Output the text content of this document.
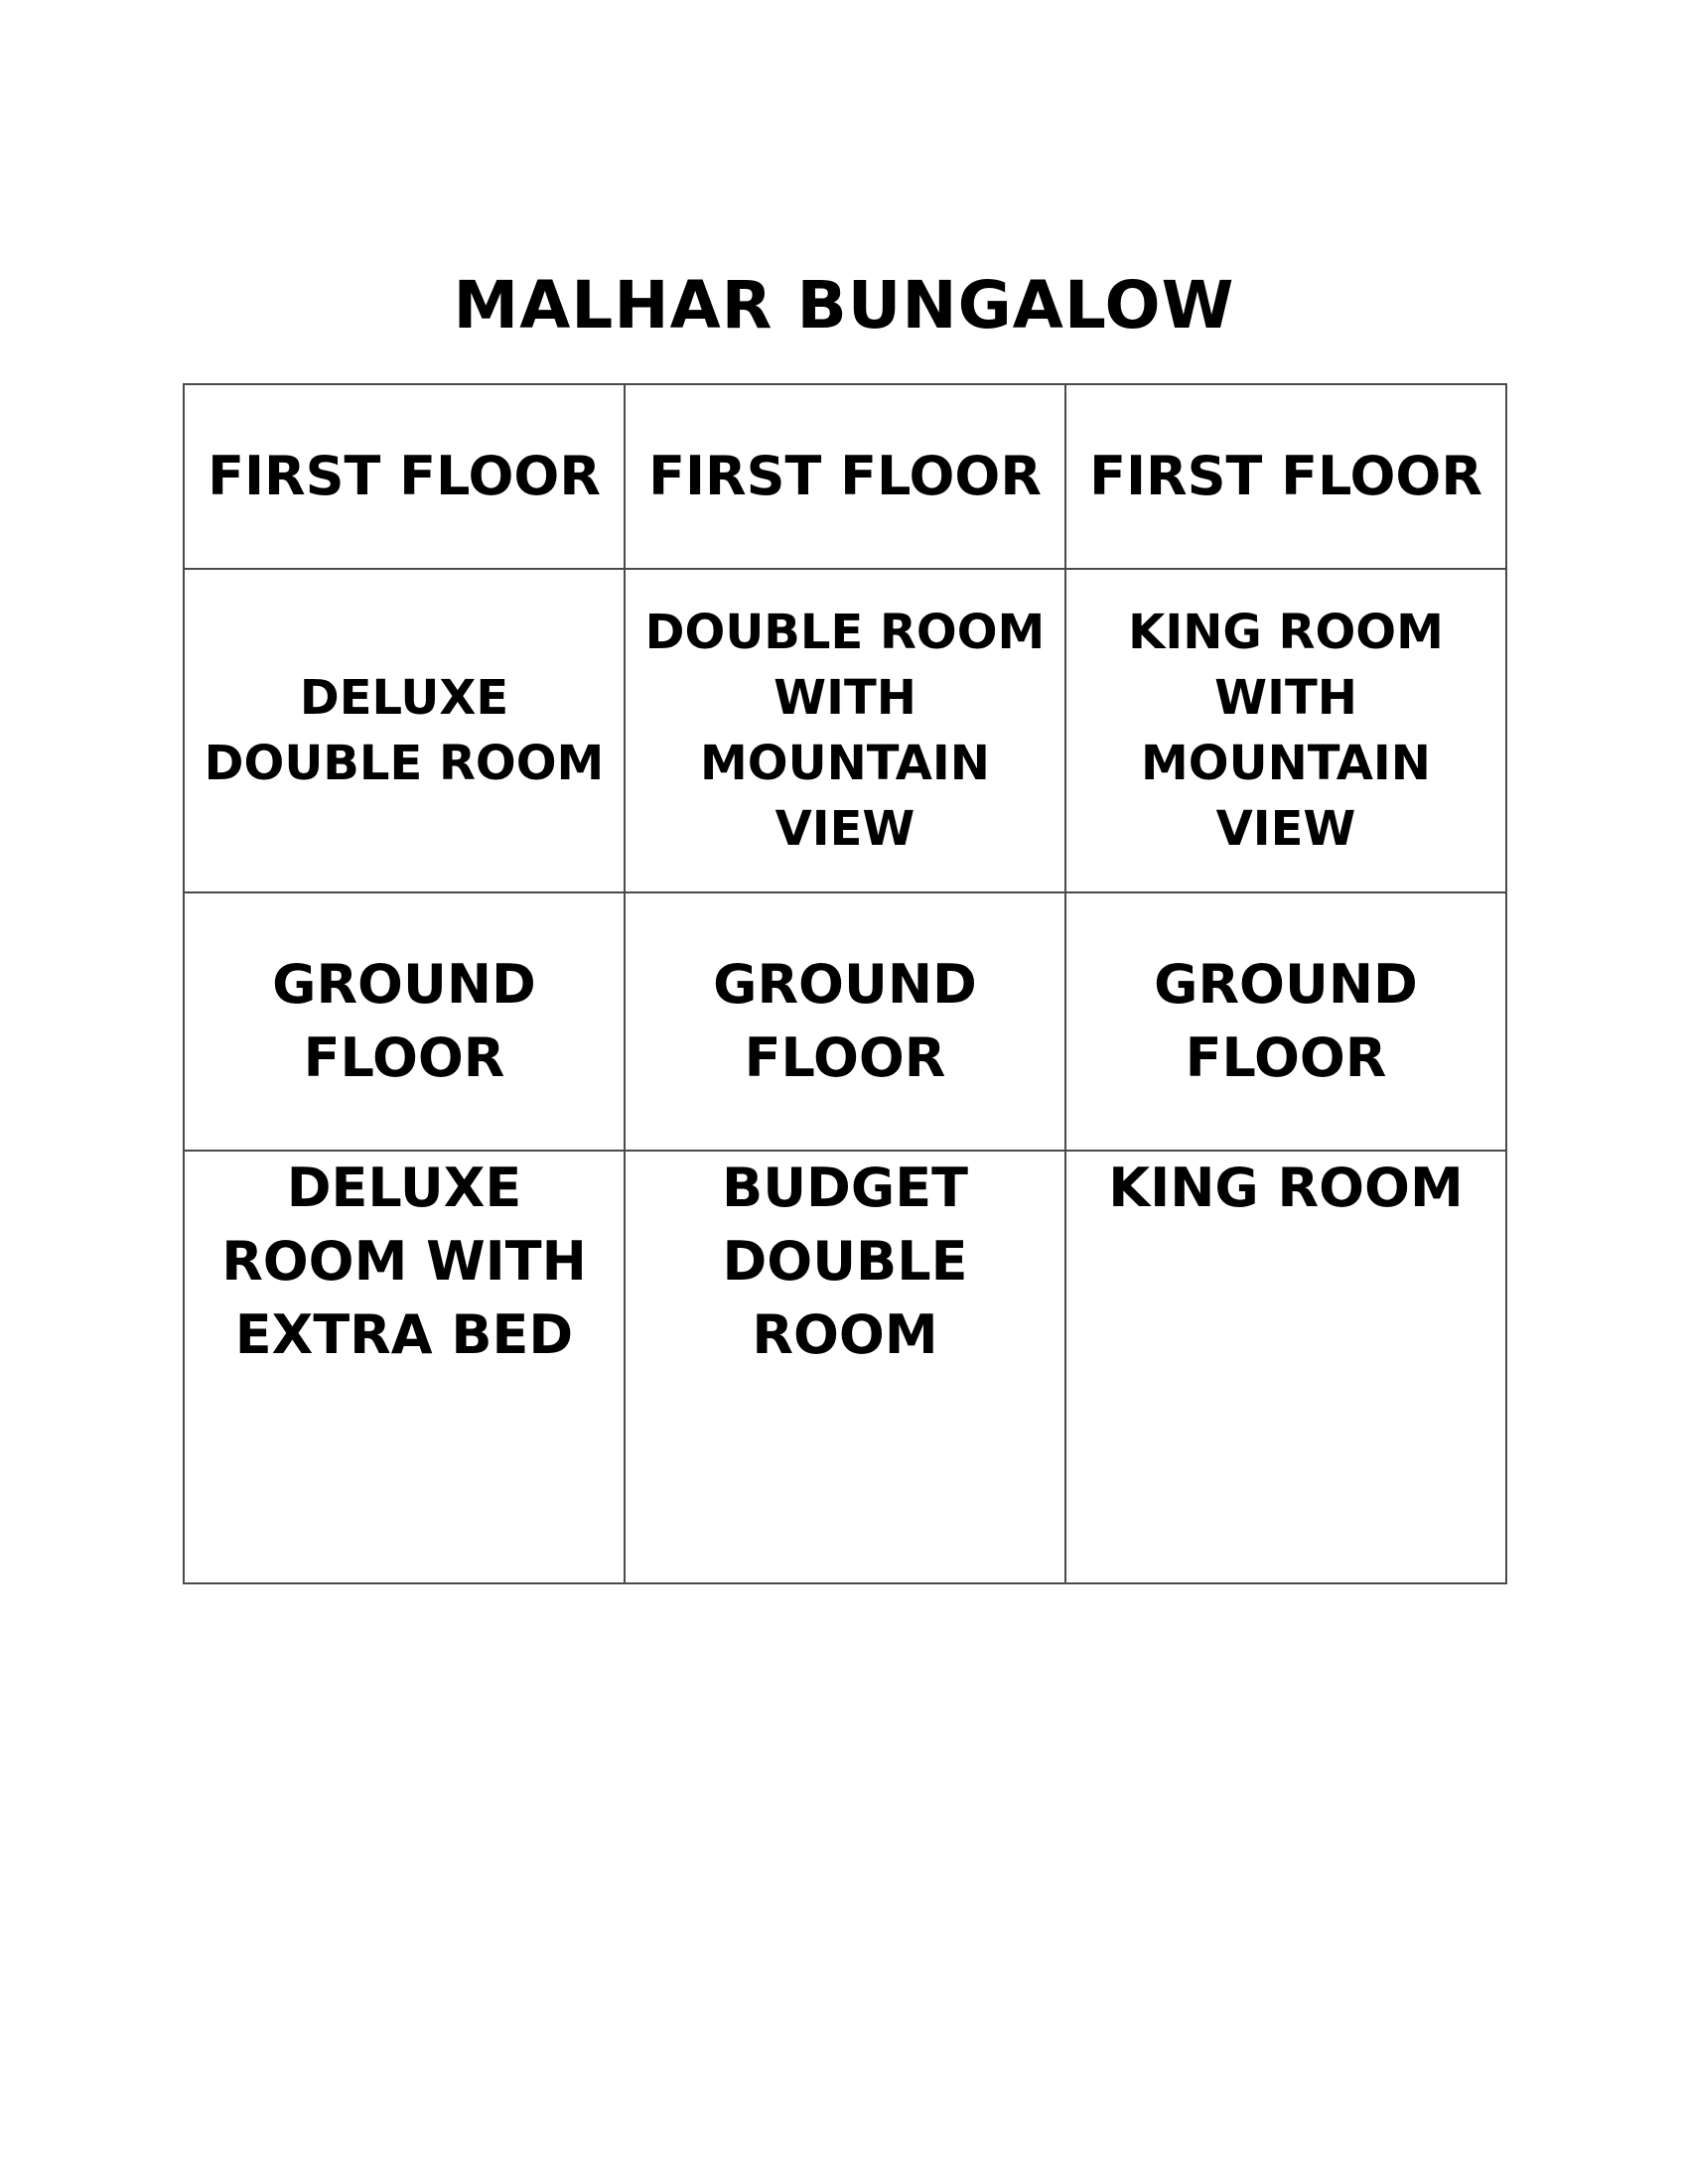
MALHAR BUNGALOW
FIRST FLOOR	FIRST FLOOR	FIRST FLOOR

DELUXE DOUBLE ROOM	DOUBLE ROOM WITH MOUNTAIN VIEW	KING ROOM WITH MOUNTAIN VIEW

GROUND FLOOR	GROUND FLOOR	GROUND FLOOR

DELUXE ROOM WITH EXTRA BED	BUDGET DOUBLE ROOM	KING ROOM
